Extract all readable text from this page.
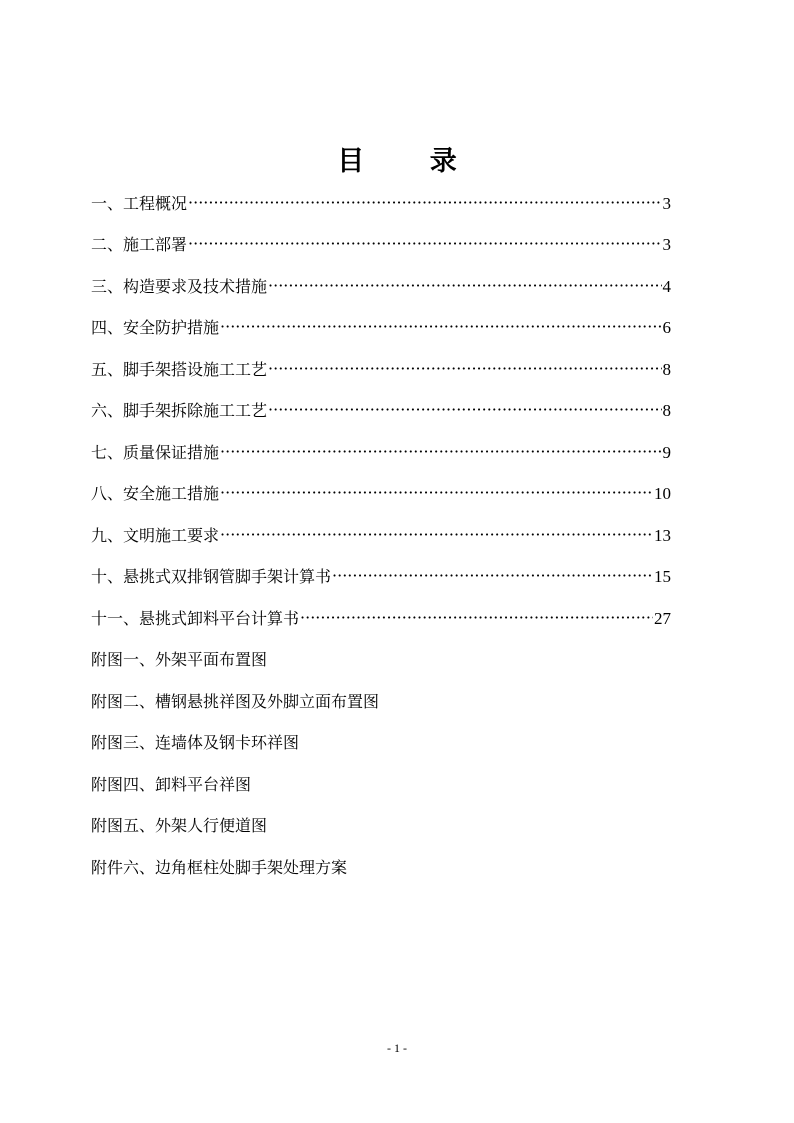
目 录
一、工程概况 ·····	3
二、施工部署 ·····	3
三、构造要求及技术措施 ·····	4
四、安全防护措施 ·····	6
五、脚手架搭设施工工艺 ·····	8
六、脚手架拆除施工工艺 ·····	8
七、质量保证措施 ·····	9
八、安全施工措施 ·····	10
九、文明施工要求 ·····	13
十、悬挑式双排钢管脚手架计算书 ·····	15
十一、悬挑式卸料平台计算书 ·····	27
附图一、外架平面布置图
附图二、槽钢悬挑祥图及外脚立面布置图
附图三、连墙体及钢卡环祥图
附图四、卸料平台祥图
附图五、外架人行便道图
附件六、边角框柱处脚手架处理方案
- 1 -
